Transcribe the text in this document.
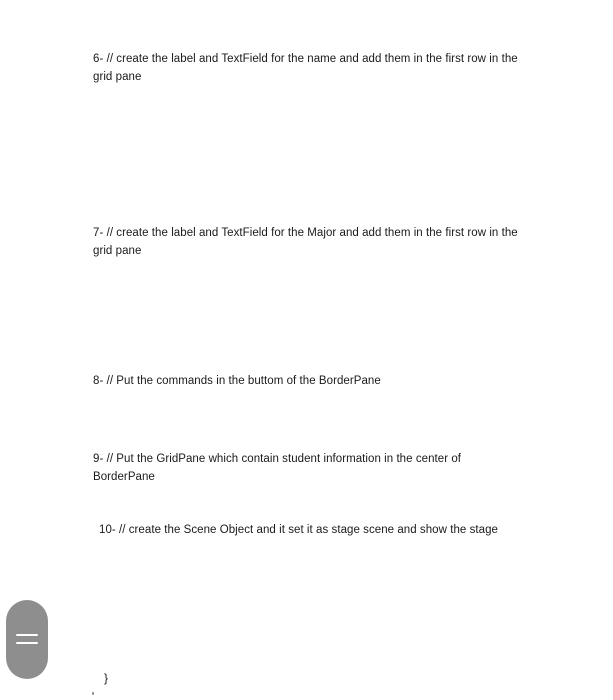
6- // create the label and TextField for the name and add them in the first row in the grid pane

7- // create the label and TextField for the Major and add them in the first row in the grid pane

8- // Put the commands in the buttom of the BorderPane

9- // Put the GridPane which contain student information in the center of BorderPane

10- // create the Scene Object and it set it as stage scene and show the stage

}
